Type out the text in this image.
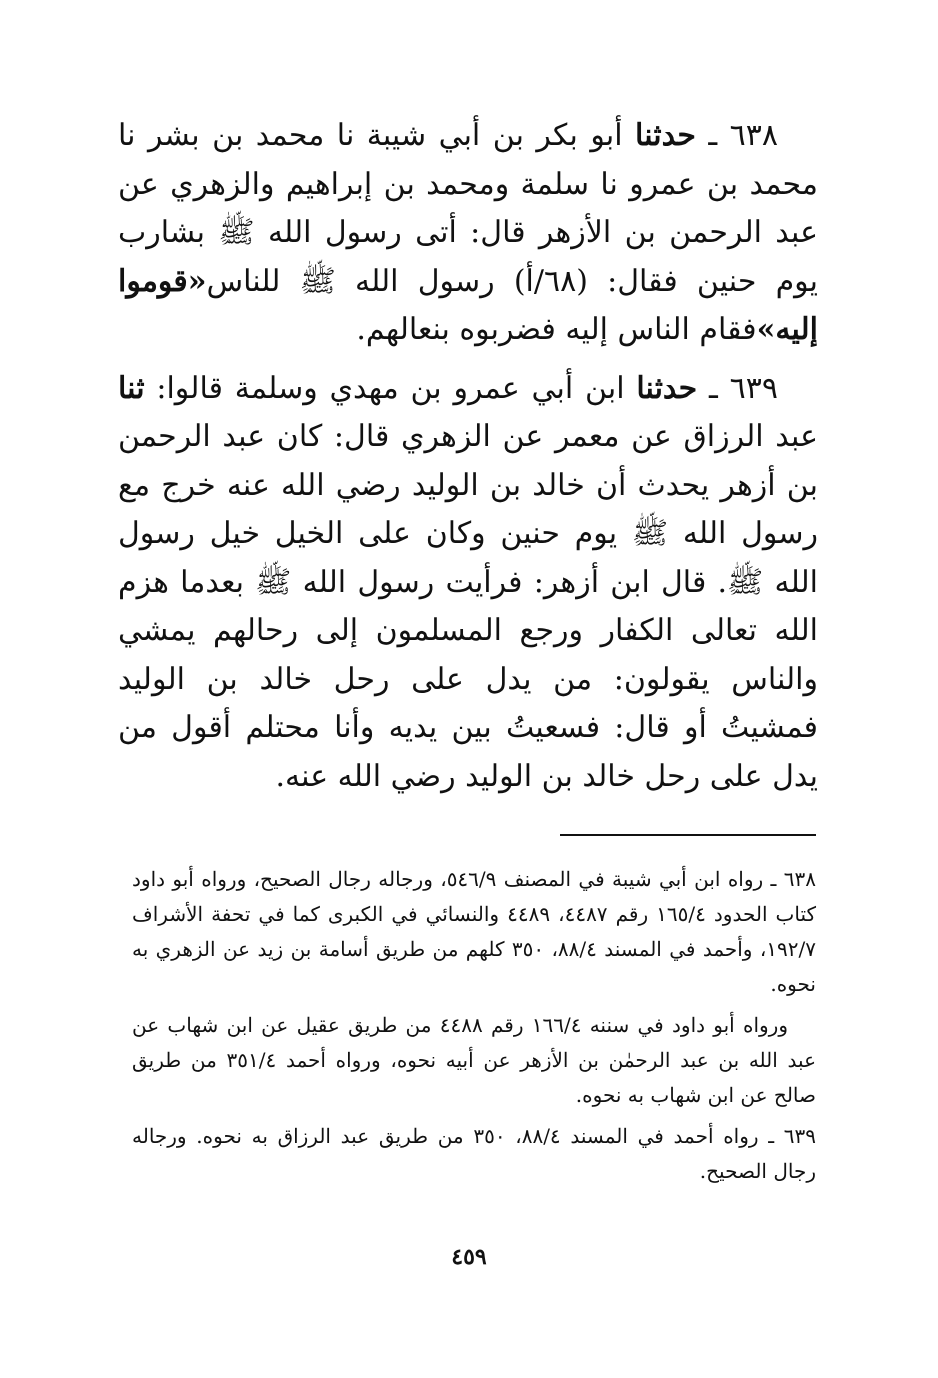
٦٣٨ ـ حدثنا أبو بكر بن أبي شيبة نا محمد بن بشر نا محمد بن عمرو نا سلمة ومحمد بن إبراهيم والزهري عن عبد الرحمن بن الأزهر قال: أتى رسول الله ﷺ بشارب يوم حنين فقال: (٦٨/أ) رسول الله ﷺ للناس«قوموا إليه»فقام الناس إليه فضربوه بنعالهم.

٦٣٩ ـ حدثنا ابن أبي عمرو بن مهدي وسلمة قالوا: ثنا عبد الرزاق عن معمر عن الزهري قال: كان عبد الرحمن بن أزهر يحدث أن خالد بن الوليد رضي الله عنه خرج مع رسول الله ﷺ يوم حنين وكان على الخيل خيل رسول الله ﷺ. قال ابن أزهر: فرأيت رسول الله ﷺ بعدما هزم الله تعالى الكفار ورجع المسلمون إلى رحالهم يمشي والناس يقولون: من يدل على رحل خالد بن الوليد فمشيتُ أو قال: فسعيتُ بين يديه وأنا محتلم أقول من يدل على رحل خالد بن الوليد رضي الله عنه.

٦٣٨ ـ رواه ابن أبي شيبة في المصنف ٥٤٦/٩، ورجاله رجال الصحيح، ورواه أبو داود كتاب الحدود ١٦٥/٤ رقم ٤٤٨٧، ٤٤٨٩ والنسائي في الكبرى كما في تحفة الأشراف ١٩٢/٧، وأحمد في المسند ٨٨/٤، ٣٥٠ كلهم من طريق أسامة بن زيد عن الزهري به نحوه.

ورواه أبو داود في سننه ١٦٦/٤ رقم ٤٤٨٨ من طريق عقيل عن ابن شهاب عن عبد الله بن عبد الرحمٰن بن الأزهر عن أبيه نحوه، ورواه أحمد ٣٥١/٤ من طريق صالح عن ابن شهاب به نحوه.

٦٣٩ ـ رواه أحمد في المسند ٨٨/٤، ٣٥٠ من طريق عبد الرزاق به نحوه. ورجاله رجال الصحيح.

٤٥٩
